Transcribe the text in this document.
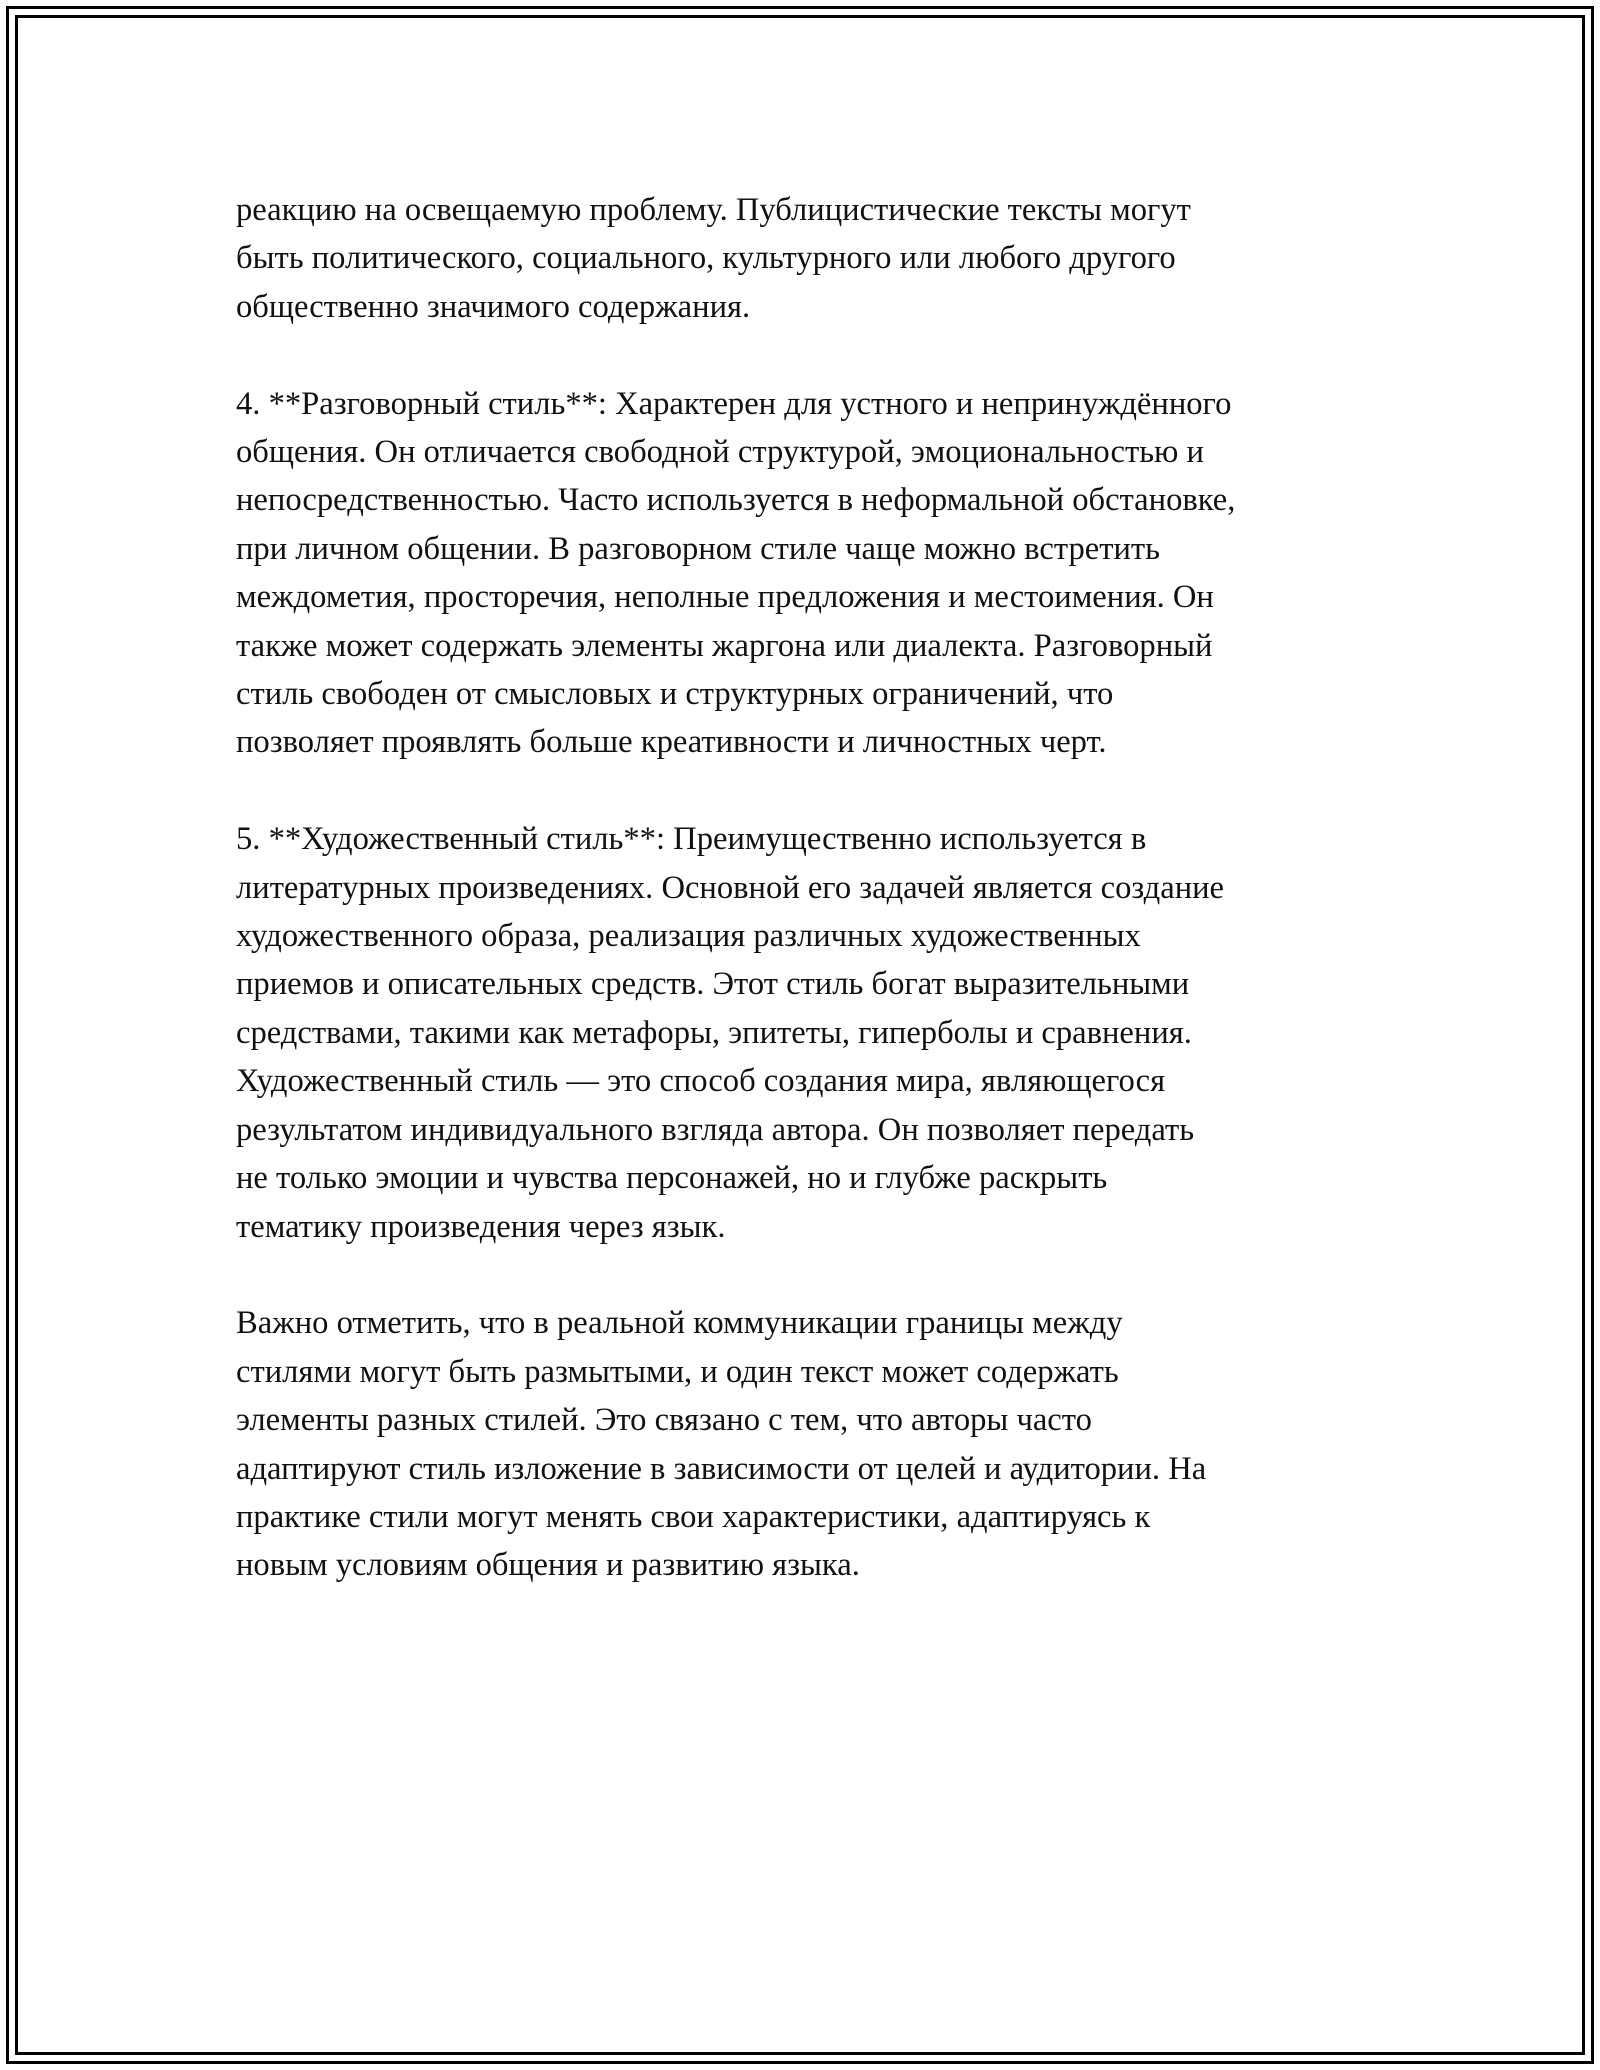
реакцию на освещаемую проблему. Публицистические тексты могут
быть политического, социального, культурного или любого другого
общественно значимого содержания.

4. **Разговорный стиль**: Характерен для устного и непринуждённого
общения. Он отличается свободной структурой, эмоциональностью и
непосредственностью. Часто используется в неформальной обстановке,
при личном общении. В разговорном стиле чаще можно встретить
междометия, просторечия, неполные предложения и местоимения. Он
также может содержать элементы жаргона или диалекта. Разговорный
стиль свободен от смысловых и структурных ограничений, что
позволяет проявлять больше креативности и личностных черт.

5. **Художественный стиль**: Преимущественно используется в
литературных произведениях. Основной его задачей является создание
художественного образа, реализация различных художественных
приемов и описательных средств. Этот стиль богат выразительными
средствами, такими как метафоры, эпитеты, гиперболы и сравнения.
Художественный стиль — это способ создания мира, являющегося
результатом индивидуального взгляда автора. Он позволяет передать
не только эмоции и чувства персонажей, но и глубже раскрыть
тематику произведения через язык.

Важно отметить, что в реальной коммуникации границы между
стилями могут быть размытыми, и один текст может содержать
элементы разных стилей. Это связано с тем, что авторы часто
адаптируют стиль изложение в зависимости от целей и аудитории. На
практике стили могут менять свои характеристики, адаптируясь к
новым условиям общения и развитию языка.
